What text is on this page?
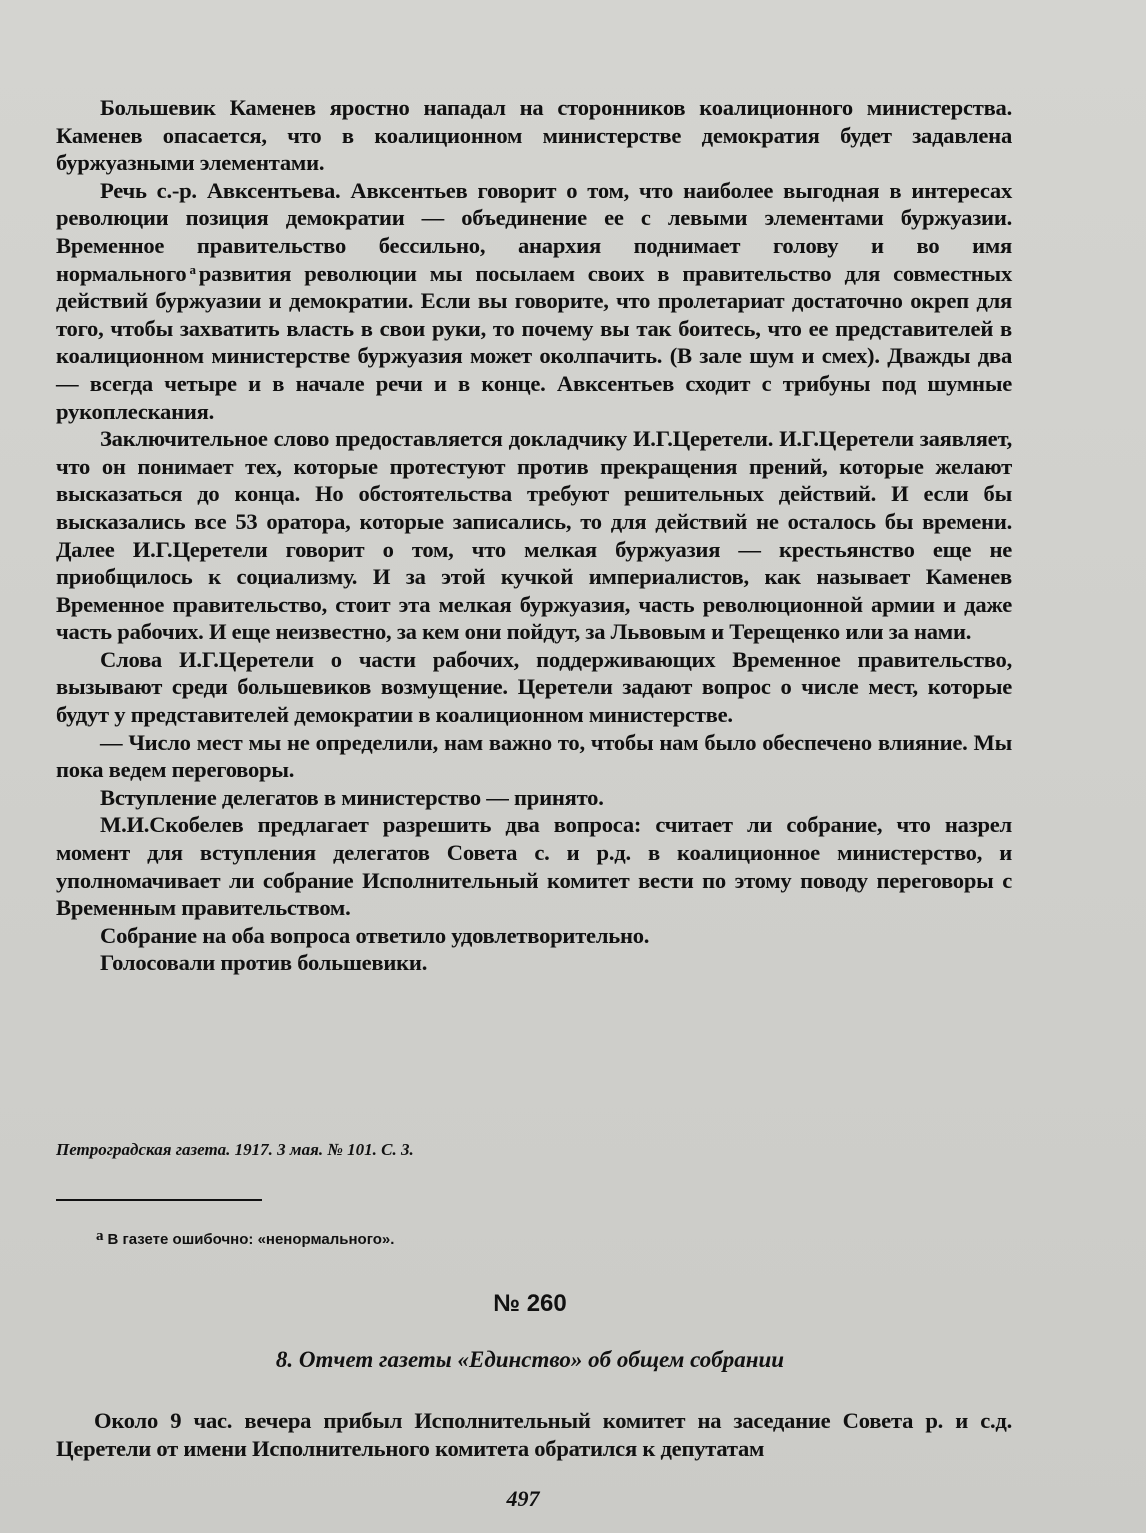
Большевик Каменев яростно нападал на сторонников коалиционного министерства. Каменев опасается, что в коалиционном министерстве демократия будет задавлена буржуазными элементами.

Речь с.-р. Авксентьева. Авксентьев говорит о том, что наиболее выгодная в интересах революции позиция демократии — объединение ее с левыми элементами буржуазии. Временное правительство бессильно, анархия поднимает голову и во имя нормального $^а$ развития революции мы посылаем своих в правительство для совместных действий буржуазии и демократии. Если вы говорите, что пролетариат достаточно окреп для того, чтобы захватить власть в свои руки, то почему вы так боитесь, что ее представителей в коалиционном министерстве буржуазия может околпачить. (В зале шум и смех). Дважды два — всегда четыре и в начале речи и в конце. Авксентьев сходит с трибуны под шумные рукоплескания.

Заключительное слово предоставляется докладчику И.Г.Церетели. И.Г.Церетели заявляет, что он понимает тех, которые протестуют против прекращения прений, которые желают высказаться до конца. Но обстоятельства требуют решительных действий. И если бы высказались все 53 оратора, которые записались, то для действий не осталось бы времени. Далее И.Г.Церетели говорит о том, что мелкая буржуазия — крестьянство еще не приобщилось к социализму. И за этой кучкой империалистов, как называет Каменев Временное правительство, стоит эта мелкая буржуазия, часть революционной армии и даже часть рабочих. И еще неизвестно, за кем они пойдут, за Львовым и Терещенко или за нами.

Слова И.Г.Церетели о части рабочих, поддерживающих Временное правительство, вызывают среди большевиков возмущение. Церетели задают вопрос о числе мест, которые будут у представителей демократии в коалиционном министерстве.

— Число мест мы не определили, нам важно то, чтобы нам было обеспечено влияние. Мы пока ведем переговоры.

Вступление делегатов в министерство — принято.

М.И.Скобелев предлагает разрешить два вопроса: считает ли собрание, что назрел момент для вступления делегатов Совета с. и р.д. в коалиционное министерство, и уполномачивает ли собрание Исполнительный комитет вести по этому поводу переговоры с Временным правительством.

Собрание на оба вопроса ответило удовлетворительно.

Голосовали против большевики.

Петроградская газета. 1917. 3 мая. № 101. С. 3.
а В газете ошибочно: «ненормального».
№ 260
8. Отчет газеты «Единство» об общем собрании

Около 9 час. вечера прибыл Исполнительный комитет на заседание Совета р. и с.д. Церетели от имени Исполнительного комитета обратился к депутатам

497
